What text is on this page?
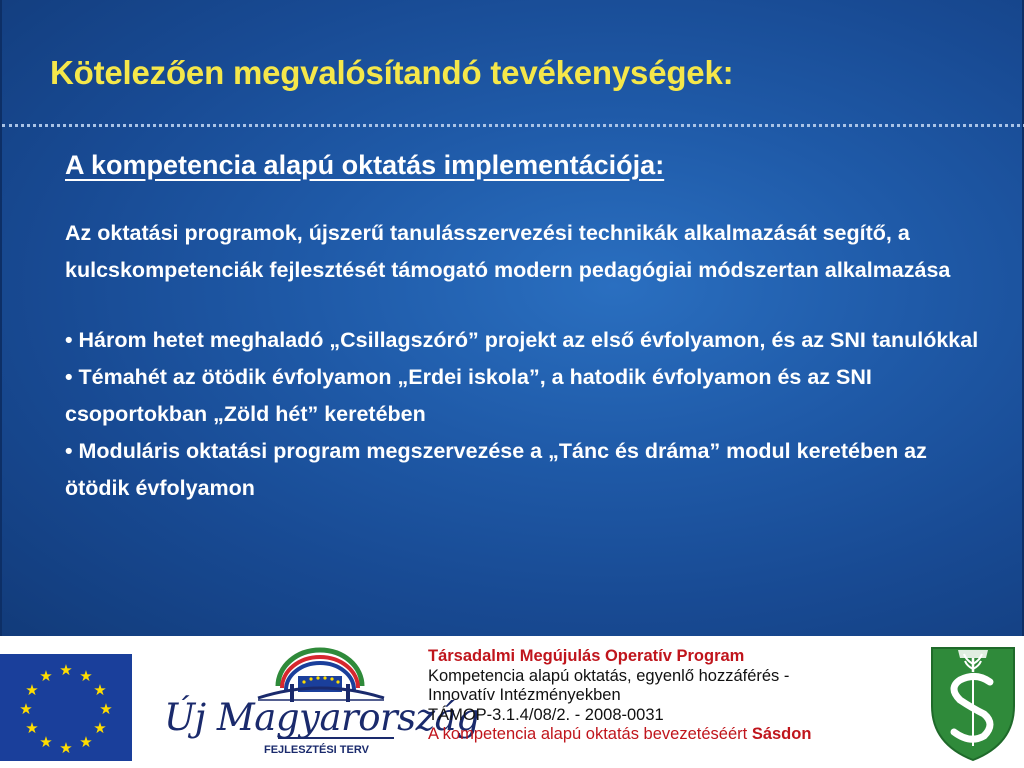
Kötelezően megvalósítandó tevékenységek:
A kompetencia alapú oktatás implementációja:

Az oktatási programok, újszerű tanulásszervezési technikák alkalmazását segítő, a kulcskompetenciák fejlesztését támogató modern pedagógiai módszertan alkalmazása

• Három hetet meghaladó „Csillagszóró” projekt az első évfolyamon, és az SNI tanulókkal
• Témahét az ötödik évfolyamon „Erdei iskola”, a hatodik évfolyamon és az SNI csoportokban „Zöld hét” keretében
• Moduláris oktatási program megszervezése a „Tánc és dráma” modul keretében az ötödik évfolyamon
★ ★
★
★
★
★
★
★
★
★
★
★
Új Magyarország
FEJLESZTÉSI TERV
Társadalmi Megújulás Operatív Program
Kompetencia alapú oktatás, egyenlő hozzáférés -
Innovatív Intézményekben
TÁMOP-3.1.4/08/2. - 2008-0031
A kompetencia alapú oktatás bevezetéséért Sásdon
